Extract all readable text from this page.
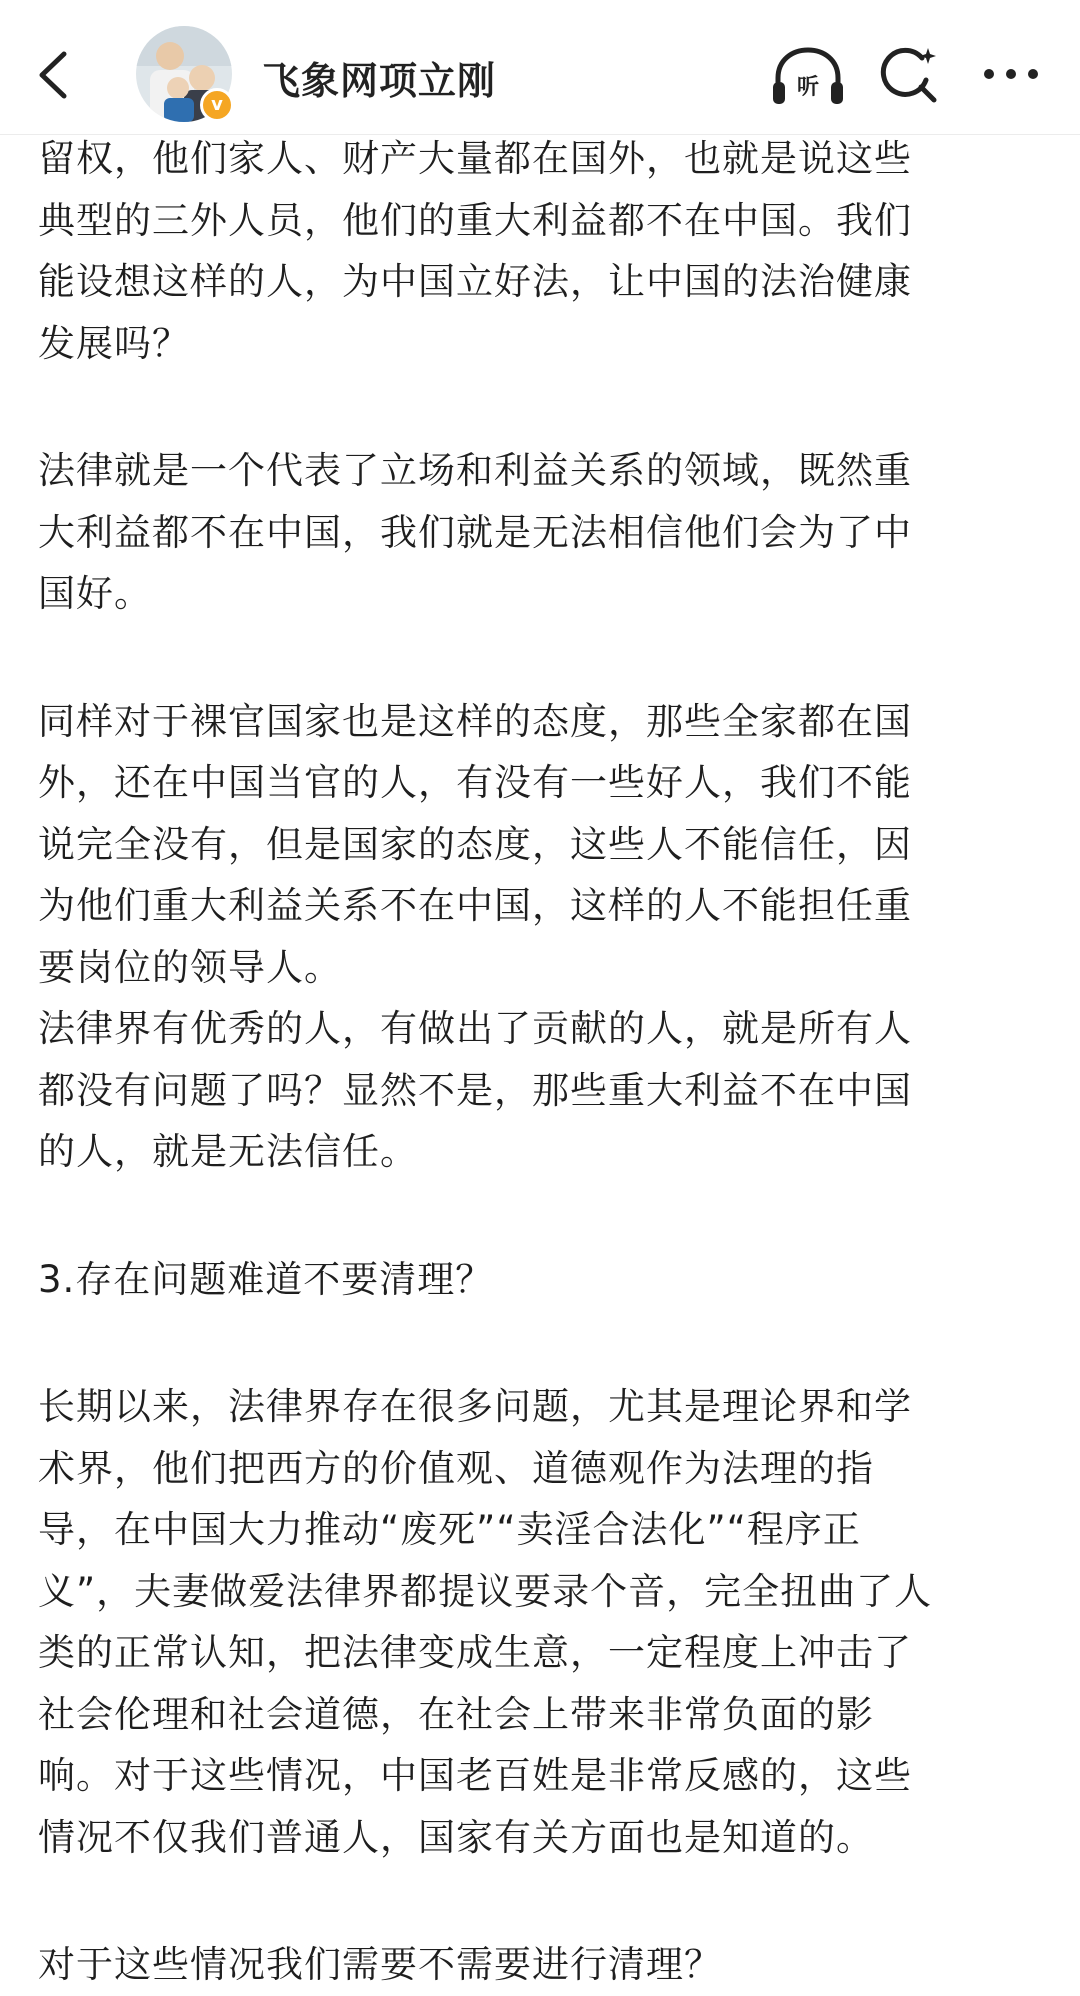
v
飞象网项立刚	听

留权，他们家人、财产大量都在国外，也就是说这些
典型的三外人员，他们的重大利益都不在中国。我们
能设想这样的人，为中国立好法，让中国的法治健康
发展吗？

法律就是一个代表了立场和利益关系的领域，既然重
大利益都不在中国，我们就是无法相信他们会为了中
国好。

同样对于裸官国家也是这样的态度，那些全家都在国
外，还在中国当官的人，有没有一些好人，我们不能
说完全没有，但是国家的态度，这些人不能信任，因
为他们重大利益关系不在中国，这样的人不能担任重
要岗位的领导人。

法律界有优秀的人，有做出了贡献的人，就是所有人
都没有问题了吗？显然不是，那些重大利益不在中国
的人，就是无法信任。

3.存在问题难道不要清理？

长期以来，法律界存在很多问题，尤其是理论界和学
术界，他们把西方的价值观、道德观作为法理的指
导，在中国大力推动“废死”“卖淫合法化”“程序正
义”，夫妻做爱法律界都提议要录个音，完全扭曲了人
类的正常认知，把法律变成生意，一定程度上冲击了
社会伦理和社会道德，在社会上带来非常负面的影
响。对于这些情况，中国老百姓是非常反感的，这些
情况不仅我们普通人，国家有关方面也是知道的。

对于这些情况我们需要不需要进行清理？
